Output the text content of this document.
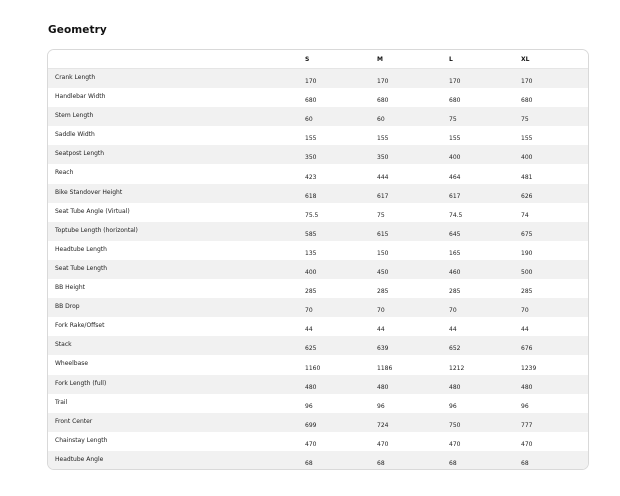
Geometry
	S	M	L	XL
Crank Length	170	170	170	170
Handlebar Width	680	680	680	680
Stem Length	60	60	75	75
Saddle Width	155	155	155	155
Seatpost Length	350	350	400	400
Reach	423	444	464	481
Bike Standover Height	618	617	617	626
Seat Tube Angle (Virtual)	75.5	75	74.5	74
Toptube Length (horizontal)	585	615	645	675
Headtube Length	135	150	165	190
Seat Tube Length	400	450	460	500
BB Height	285	285	285	285
BB Drop	70	70	70	70
Fork Rake/Offset	44	44	44	44
Stack	625	639	652	676
Wheelbase	1160	1186	1212	1239
Fork Length (full)	480	480	480	480
Trail	96	96	96	96
Front Center	699	724	750	777
Chainstay Length	470	470	470	470
Headtube Angle	68	68	68	68
